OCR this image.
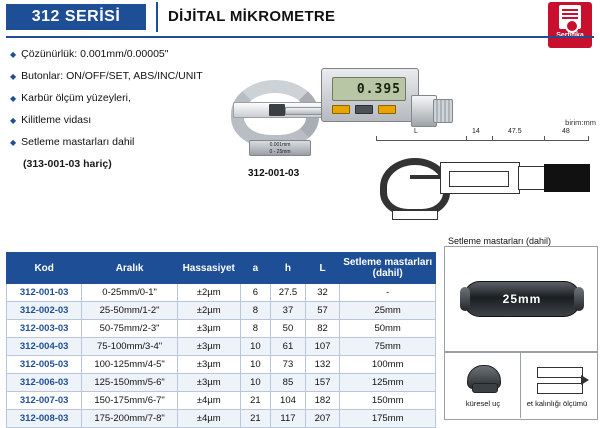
312 SERİSİ	DİJİTAL MİKROMETRE
◆ Çözünürlük: 0.001mm/0.00005"
◆ Butonlar: ON/OFF/SET, ABS/INC/UNIT
◆ Karbür ölçüm yüzeyleri,
◆ Kilitleme vidası
◆ Setleme mastarları dahil
(313-001-03 hariç)
0.395
0.001mm
0 - 25mm
312-001-03
birim:mm
L	14	47.5	48
Kod	Aralık	Hassasiyet	a	h	L	Setleme mastarları (dahil)
312-001-03	0-25mm/0-1"	±2µm	6	27.5	32	-
312-002-03	25-50mm/1-2"	±2µm	8	37	57	25mm
312-003-03	50-75mm/2-3"	±3µm	8	50	82	50mm
312-004-03	75-100mm/3-4"	±3µm	10	61	107	75mm
312-005-03	100-125mm/4-5"	±3µm	10	73	132	100mm
312-006-03	125-150mm/5-6"	±3µm	10	85	157	125mm
312-007-03	150-175mm/6-7"	±4µm	21	104	182	150mm
312-008-03	175-200mm/7-8"	±4µm	21	117	207	175mm
Setleme mastarları (dahil)
25mm
küresel uç	et kalınlığı ölçümü
